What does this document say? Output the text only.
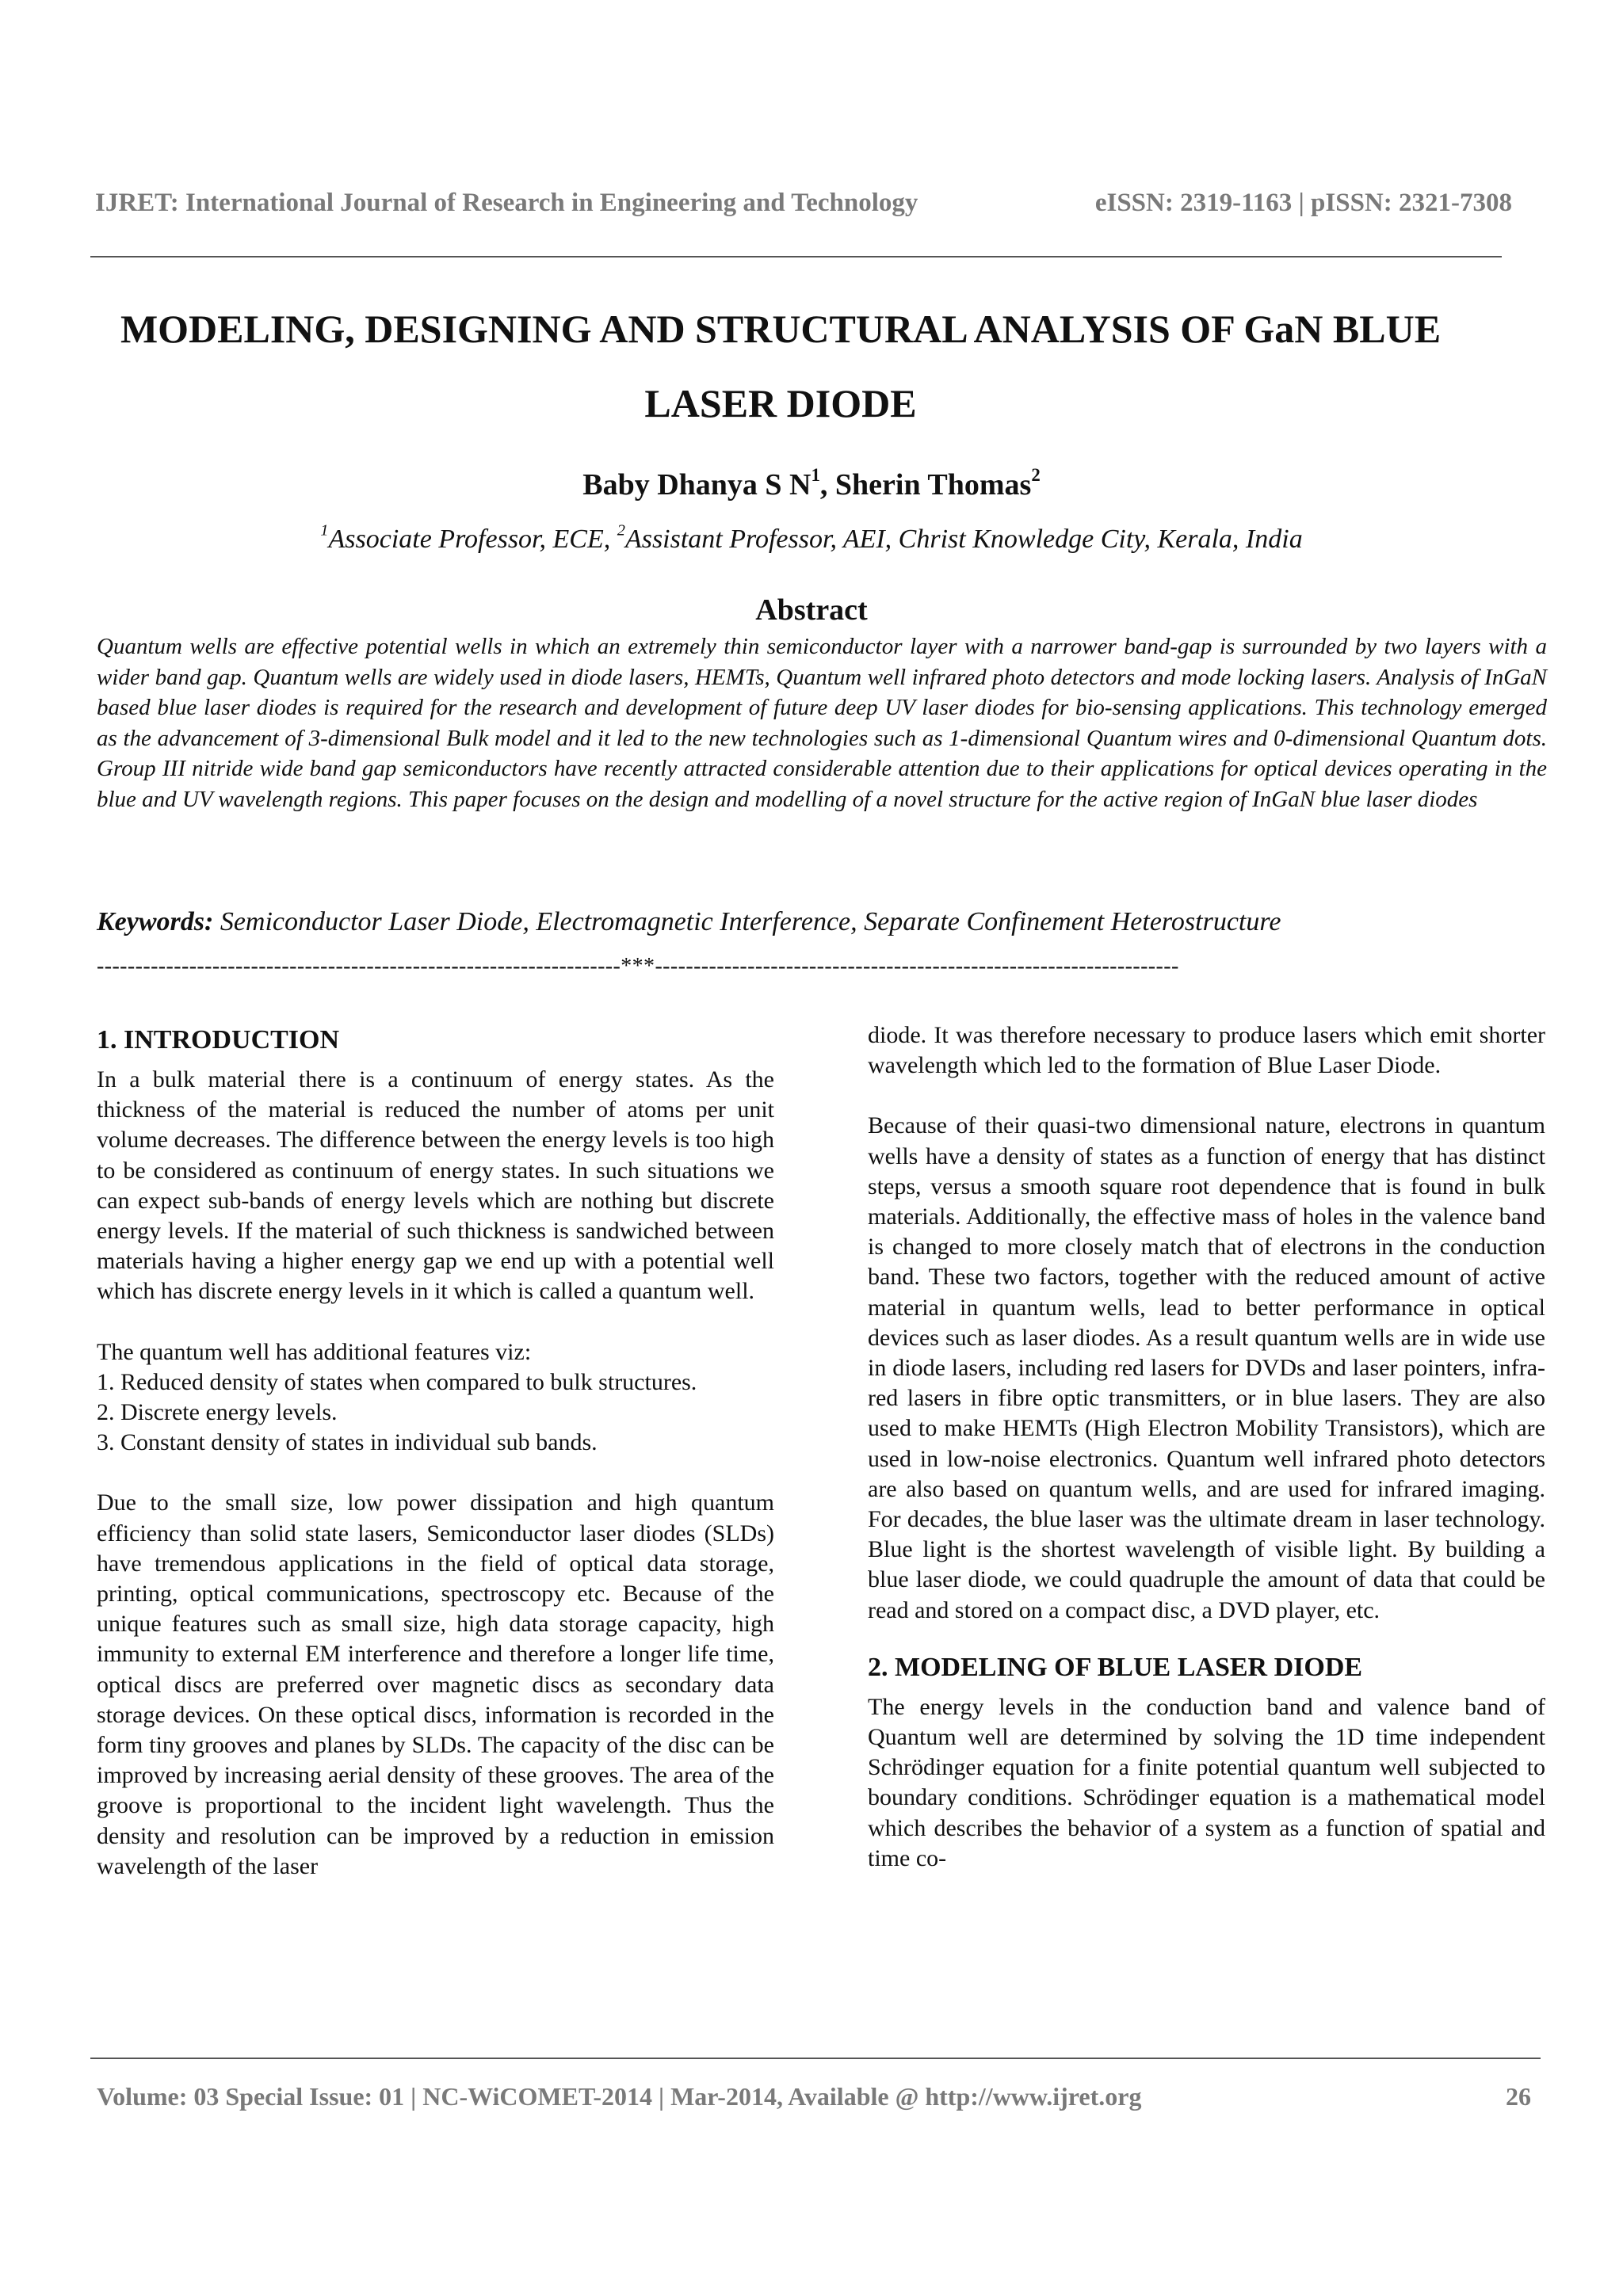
IJRET: International Journal of Research in Engineering and Technology	eISSN: 2319-1163 | pISSN: 2321-7308
MODELING, DESIGNING AND STRUCTURAL ANALYSIS OF GaN BLUE LASER DIODE
Baby Dhanya S $N^1$, Sherin Thomas$^2$
$^1$Associate Professor, ECE, $^2$Assistant Professor, AEI, Christ Knowledge City, Kerala, India
Abstract
Quantum wells are effective potential wells in which an extremely thin semiconductor layer with a narrower band-gap is surrounded by two layers with a wider band gap. Quantum wells are widely used in diode lasers, HEMTs, Quantum well infrared photo detectors and mode locking lasers. Analysis of InGaN based blue laser diodes is required for the research and development of future deep UV laser diodes for bio-sensing applications. This technology emerged as the advancement of 3-dimensional Bulk model and it led to the new technologies such as 1-dimensional Quantum wires and 0-dimensional Quantum dots. Group III nitride wide band gap semiconductors have recently attracted considerable attention due to their applications for optical devices operating in the blue and UV wavelength regions. This paper focuses on the design and modelling of a novel structure for the active region of InGaN blue laser diodes
Keywords: Semiconductor Laser Diode, Electromagnetic Interference, Separate Confinement Heterostructure
--------------------------------------------------------------------***--------------------------------------------------------------------
1. INTRODUCTION

In a bulk material there is a continuum of energy states. As the thickness of the material is reduced the number of atoms per unit volume decreases. The difference between the energy levels is too high to be considered as continuum of energy states. In such situations we can expect sub-bands of energy levels which are nothing but discrete energy levels. If the material of such thickness is sandwiched between materials having a higher energy gap we end up with a potential well which has discrete energy levels in it which is called a quantum well.

The quantum well has additional features viz:

1. Reduced density of states when compared to bulk structures.

2. Discrete energy levels.

3. Constant density of states in individual sub bands.

Due to the small size, low power dissipation and high quantum efficiency than solid state lasers, Semiconductor laser diodes (SLDs) have tremendous applications in the field of optical data storage, printing, optical communications, spectroscopy etc. Because of the unique features such as small size, high data storage capacity, high immunity to external EM interference and therefore a longer life time, optical discs are preferred over magnetic discs as secondary data storage devices. On these optical discs, information is recorded in the form tiny grooves and planes by SLDs. The capacity of the disc can be improved by increasing aerial density of these grooves. The area of the groove is proportional to the incident light wavelength. Thus the density and resolution can be improved by a reduction in emission wavelength of the laser

diode. It was therefore necessary to produce lasers which emit shorter wavelength which led to the formation of Blue Laser Diode.

Because of their quasi-two dimensional nature, electrons in quantum wells have a density of states as a function of energy that has distinct steps, versus a smooth square root dependence that is found in bulk materials. Additionally, the effective mass of holes in the valence band is changed to more closely match that of electrons in the conduction band. These two factors, together with the reduced amount of active material in quantum wells, lead to better performance in optical devices such as laser diodes. As a result quantum wells are in wide use in diode lasers, including red lasers for DVDs and laser pointers, infra-red lasers in fibre optic transmitters, or in blue lasers. They are also used to make HEMTs (High Electron Mobility Transistors), which are used in low-noise electronics. Quantum well infrared photo detectors are also based on quantum wells, and are used for infrared imaging. For decades, the blue laser was the ultimate dream in laser technology. Blue light is the shortest wavelength of visible light. By building a blue laser diode, we could quadruple the amount of data that could be read and stored on a compact disc, a DVD player, etc.

2. MODELING OF BLUE LASER DIODE

The energy levels in the conduction band and valence band of Quantum well are determined by solving the 1D time independent Schrödinger equation for a finite potential quantum well subjected to boundary conditions. Schrödinger equation is a mathematical model which describes the behavior of a system as a function of spatial and time co-

Volume: 03 Special Issue: 01 | NC-WiCOMET-2014 | Mar-2014, Available @ http://www.ijret.org	26
